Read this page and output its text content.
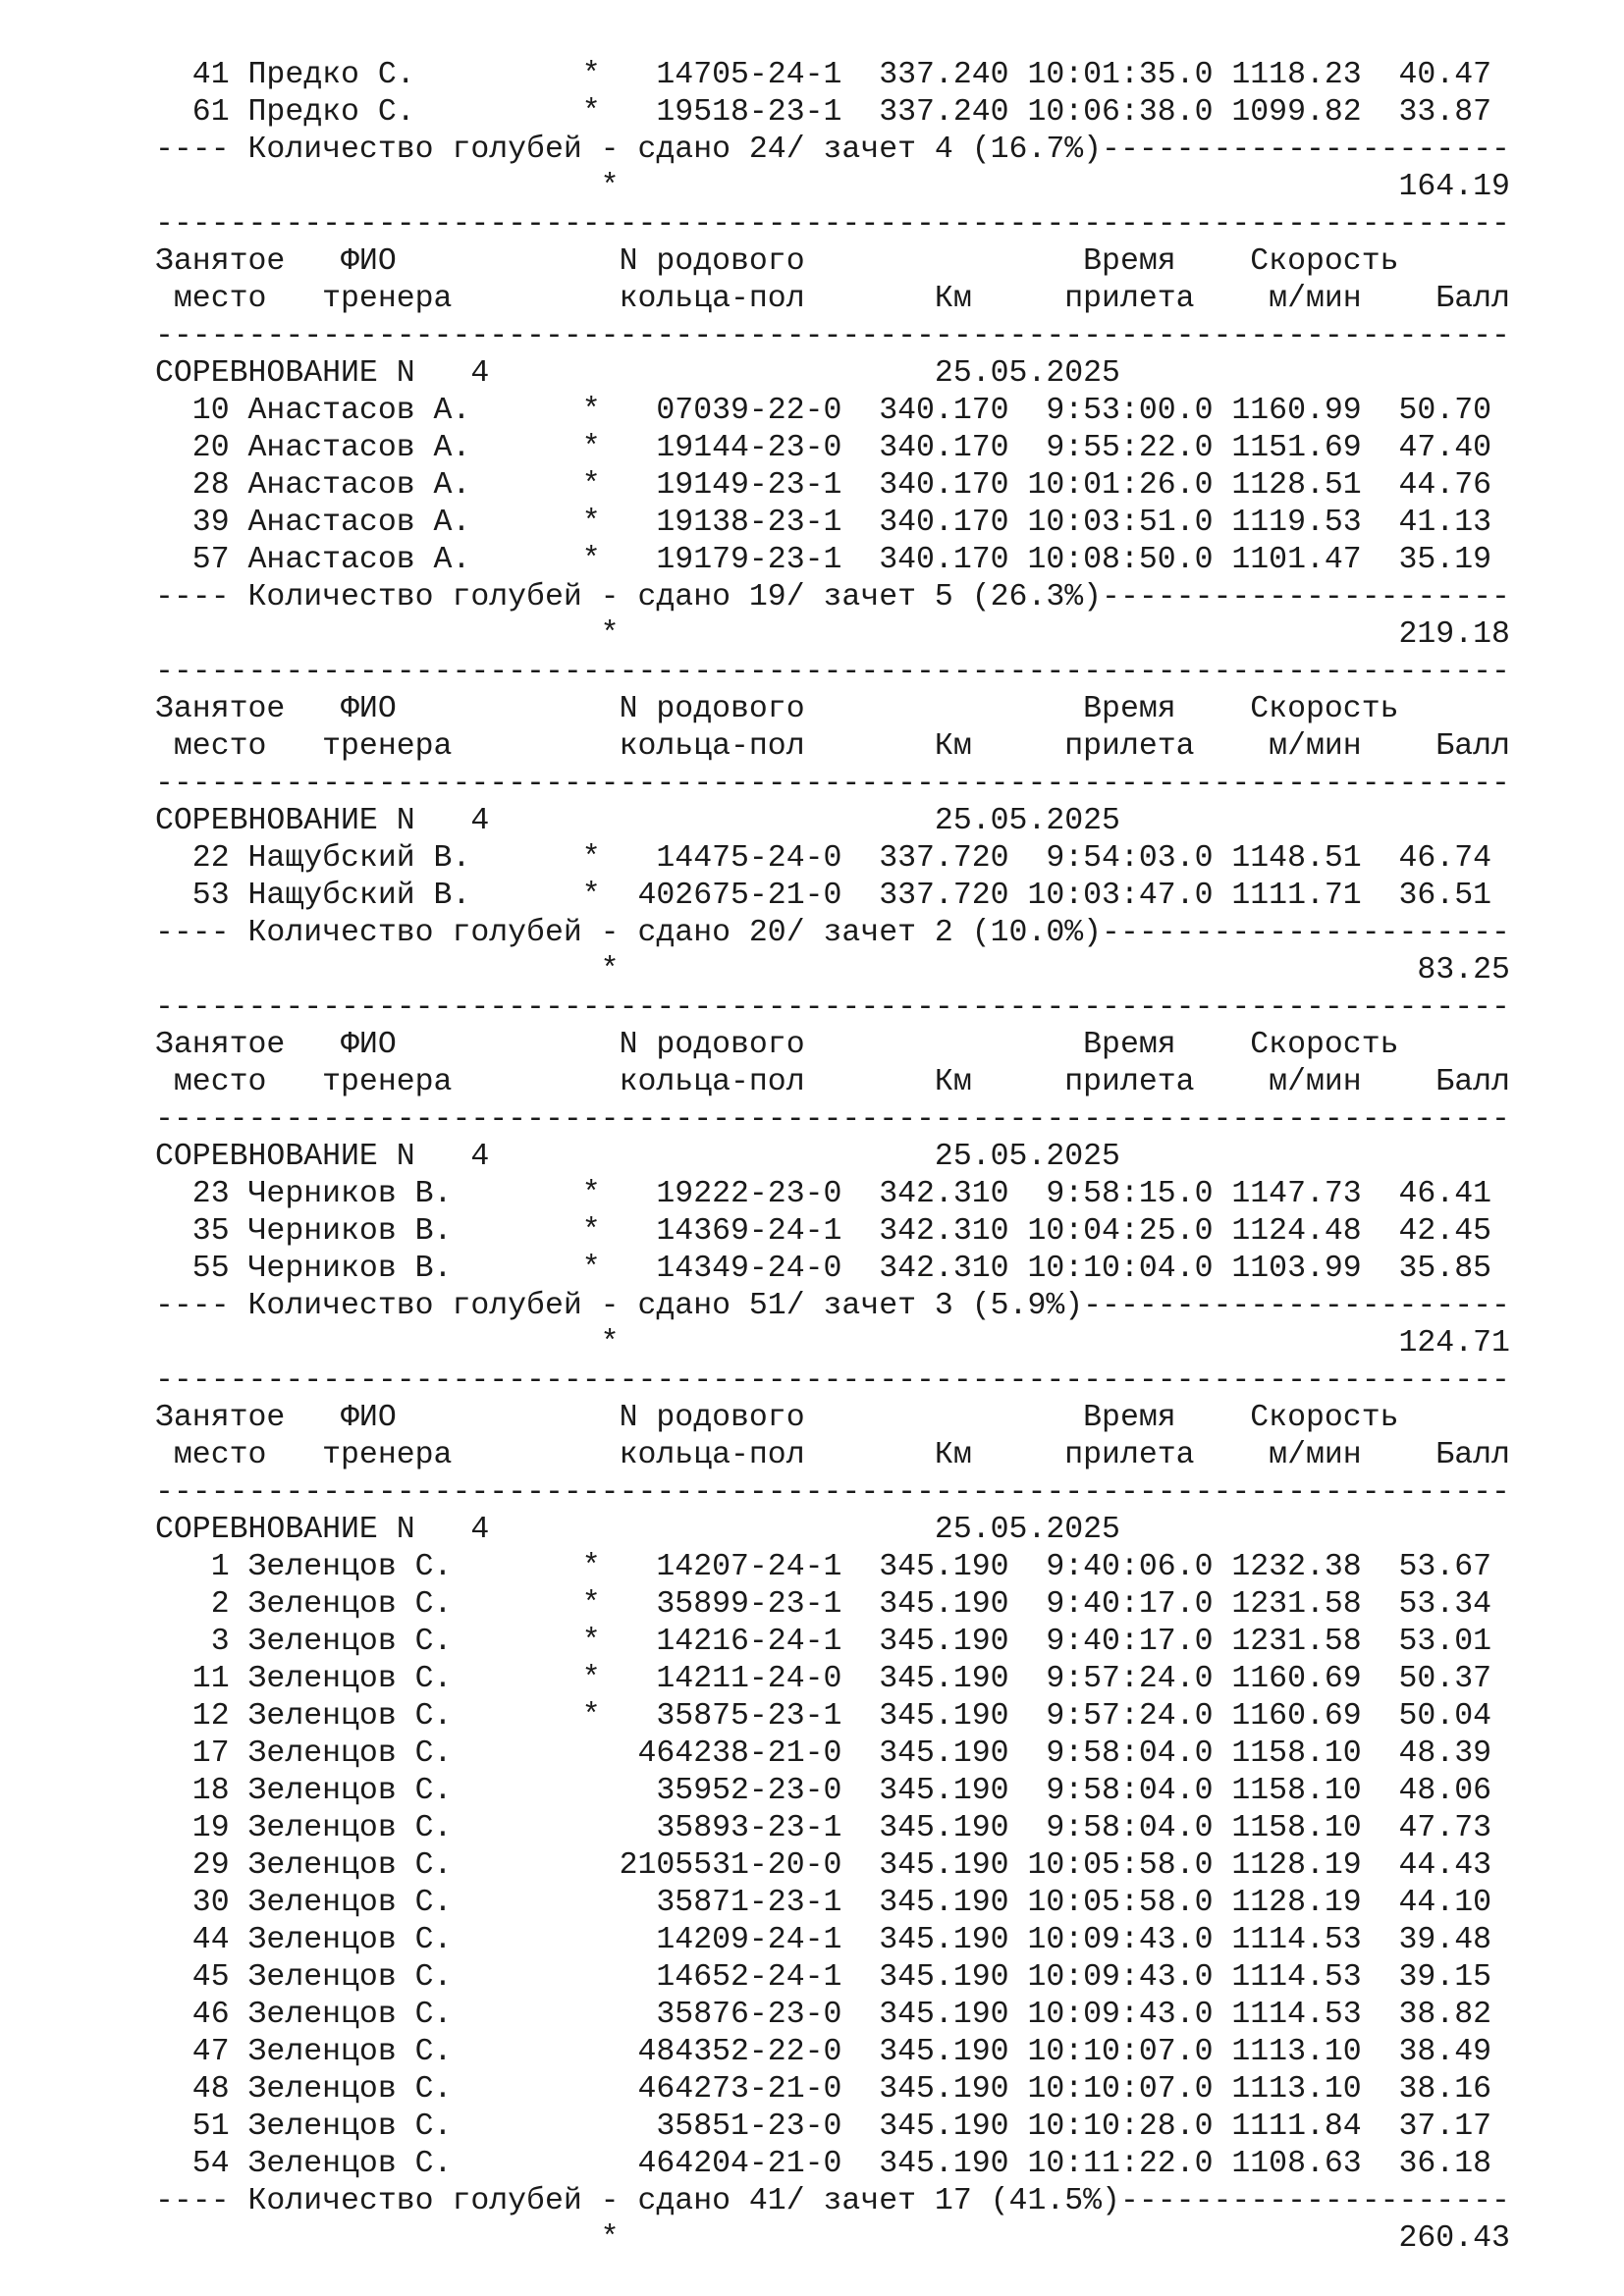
41 Предко С.         *   14705-24-1  337.240 10:01:35.0 1118.23  40.47
61 Предко С.         *   19518-23-1  337.240 10:06:38.0 1099.82  33.87
---- Количество голубей - сдано 24/ зачет 4 (16.7%)----------------------
*                                          164.19
-------------------------------------------------------------------------
Занятое   ФИО            N родового               Время    Скорость
место   тренера         кольца-пол       Км     прилета    м/мин    Балл
-------------------------------------------------------------------------
СОРЕВНОВАНИЕ N   4                        25.05.2025
10 Анастасов А.      *   07039-22-0  340.170  9:53:00.0 1160.99  50.70
20 Анастасов А.      *   19144-23-0  340.170  9:55:22.0 1151.69  47.40
28 Анастасов А.      *   19149-23-1  340.170 10:01:26.0 1128.51  44.76
39 Анастасов А.      *   19138-23-1  340.170 10:03:51.0 1119.53  41.13
57 Анастасов А.      *   19179-23-1  340.170 10:08:50.0 1101.47  35.19
---- Количество голубей - сдано 19/ зачет 5 (26.3%)----------------------
*                                          219.18
-------------------------------------------------------------------------
Занятое   ФИО            N родового               Время    Скорость
место   тренера         кольца-пол       Км     прилета    м/мин    Балл
-------------------------------------------------------------------------
СОРЕВНОВАНИЕ N   4                        25.05.2025
22 Нащубский В.      *   14475-24-0  337.720  9:54:03.0 1148.51  46.74
53 Нащубский В.      *  402675-21-0  337.720 10:03:47.0 1111.71  36.51
---- Количество голубей - сдано 20/ зачет 2 (10.0%)----------------------
*                                           83.25
-------------------------------------------------------------------------
Занятое   ФИО            N родового               Время    Скорость
место   тренера         кольца-пол       Км     прилета    м/мин    Балл
-------------------------------------------------------------------------
СОРЕВНОВАНИЕ N   4                        25.05.2025
23 Черников В.       *   19222-23-0  342.310  9:58:15.0 1147.73  46.41
35 Черников В.       *   14369-24-1  342.310 10:04:25.0 1124.48  42.45
55 Черников В.       *   14349-24-0  342.310 10:10:04.0 1103.99  35.85
---- Количество голубей - сдано 51/ зачет 3 (5.9%)-----------------------
*                                          124.71
-------------------------------------------------------------------------
Занятое   ФИО            N родового               Время    Скорость
место   тренера         кольца-пол       Км     прилета    м/мин    Балл
-------------------------------------------------------------------------
СОРЕВНОВАНИЕ N   4                        25.05.2025
1 Зеленцов С.       *   14207-24-1  345.190  9:40:06.0 1232.38  53.67
2 Зеленцов С.       *   35899-23-1  345.190  9:40:17.0 1231.58  53.34
3 Зеленцов С.       *   14216-24-1  345.190  9:40:17.0 1231.58  53.01
11 Зеленцов С.       *   14211-24-0  345.190  9:57:24.0 1160.69  50.37
12 Зеленцов С.       *   35875-23-1  345.190  9:57:24.0 1160.69  50.04
17 Зеленцов С.          464238-21-0  345.190  9:58:04.0 1158.10  48.39
18 Зеленцов С.           35952-23-0  345.190  9:58:04.0 1158.10  48.06
19 Зеленцов С.           35893-23-1  345.190  9:58:04.0 1158.10  47.73
29 Зеленцов С.         2105531-20-0  345.190 10:05:58.0 1128.19  44.43
30 Зеленцов С.           35871-23-1  345.190 10:05:58.0 1128.19  44.10
44 Зеленцов С.           14209-24-1  345.190 10:09:43.0 1114.53  39.48
45 Зеленцов С.           14652-24-1  345.190 10:09:43.0 1114.53  39.15
46 Зеленцов С.           35876-23-0  345.190 10:09:43.0 1114.53  38.82
47 Зеленцов С.          484352-22-0  345.190 10:10:07.0 1113.10  38.49
48 Зеленцов С.          464273-21-0  345.190 10:10:07.0 1113.10  38.16
51 Зеленцов С.           35851-23-0  345.190 10:10:28.0 1111.84  37.17
54 Зеленцов С.          464204-21-0  345.190 10:11:22.0 1108.63  36.18
---- Количество голубей - сдано 41/ зачет 17 (41.5%)---------------------
*                                          260.43
